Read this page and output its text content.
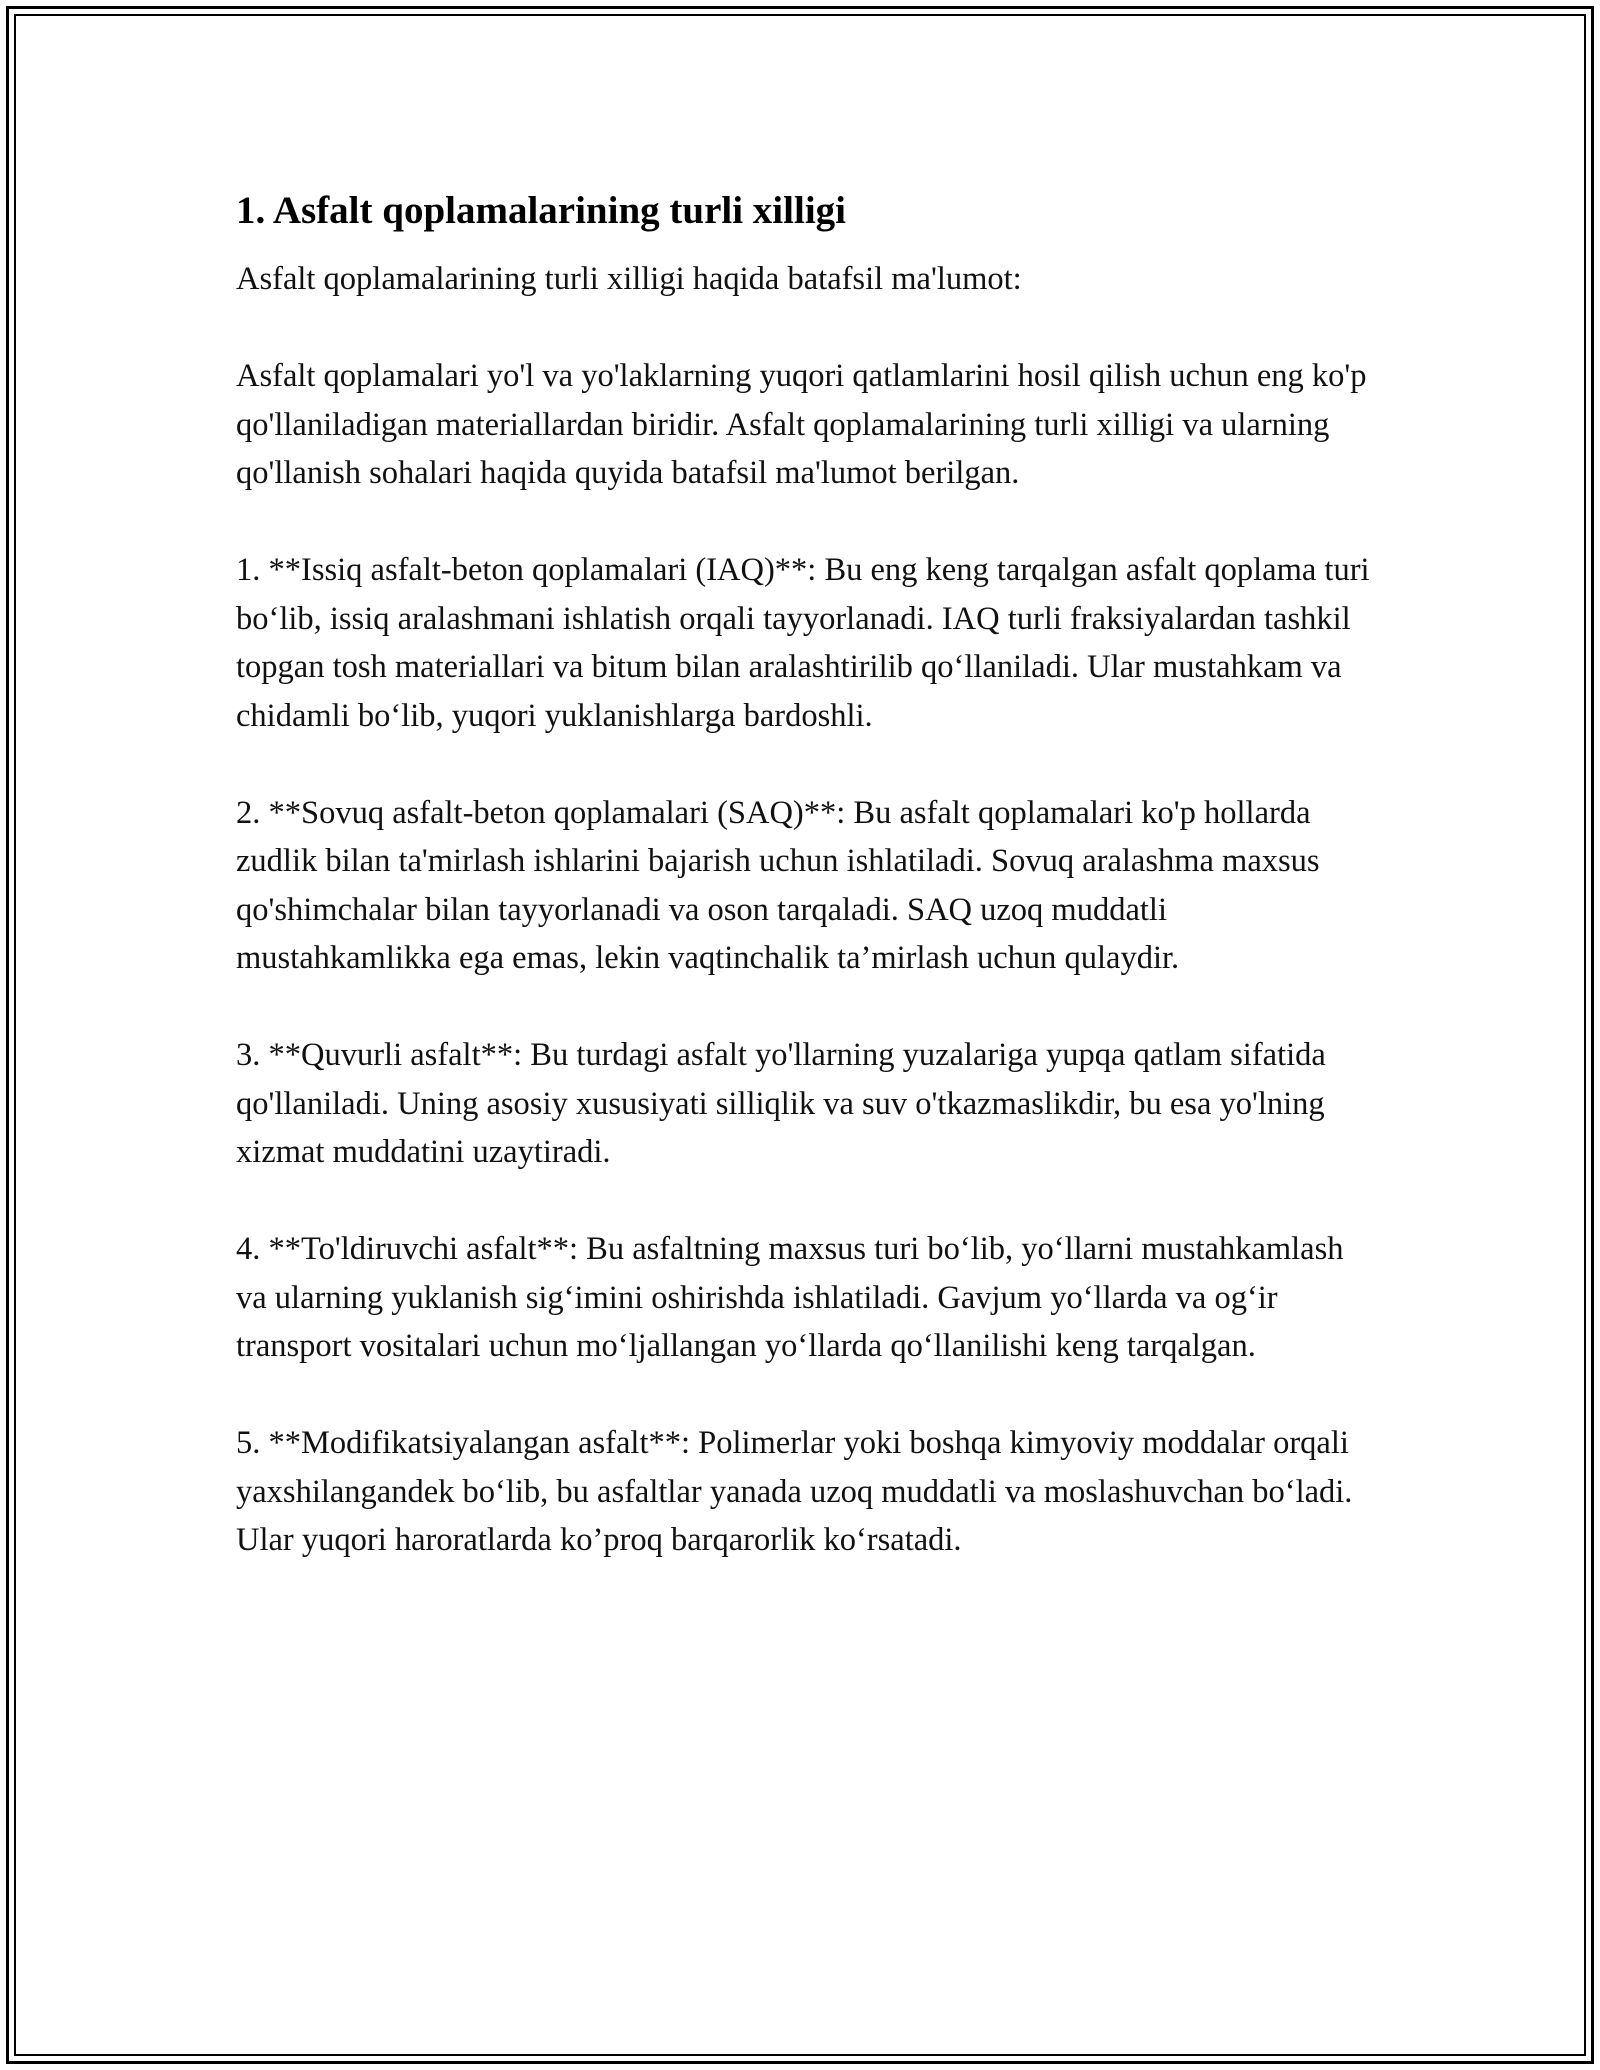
1. Asfalt qoplamalarining turli xilligi

Asfalt qoplamalarining turli xilligi haqida batafsil ma'lumot:

Asfalt qoplamalari yo'l va yo'laklarning yuqori qatlamlarini hosil qilish uchun eng ko'p qo'llaniladigan materiallardan biridir. Asfalt qoplamalarining turli xilligi va ularning qo'llanish sohalari haqida quyida batafsil ma'lumot berilgan.

1. **Issiq asfalt-beton qoplamalari (IAQ)**: Bu eng keng tarqalgan asfalt qoplama turi bo‘lib, issiq aralashmani ishlatish orqali tayyorlanadi. IAQ turli fraksiyalardan tashkil topgan tosh materiallari va bitum bilan aralashtirilib qo‘llaniladi. Ular mustahkam va chidamli bo‘lib, yuqori yuklanishlarga bardoshli.

2. **Sovuq asfalt-beton qoplamalari (SAQ)**: Bu asfalt qoplamalari ko'p hollarda zudlik bilan ta'mirlash ishlarini bajarish uchun ishlatiladi. Sovuq aralashma maxsus qo'shimchalar bilan tayyorlanadi va oson tarqaladi. SAQ uzoq muddatli mustahkamlikka ega emas, lekin vaqtinchalik ta’mirlash uchun qulaydir.

3. **Quvurli asfalt**: Bu turdagi asfalt yo'llarning yuzalariga yupqa qatlam sifatida qo'llaniladi. Uning asosiy xususiyati silliqlik va suv o'tkazmaslikdir, bu esa yo'lning xizmat muddatini uzaytiradi.

4. **To'ldiruvchi asfalt**: Bu asfaltning maxsus turi bo‘lib, yo‘llarni mustahkamlash va ularning yuklanish sig‘imini oshirishda ishlatiladi. Gavjum yo‘llarda va og‘ir transport vositalari uchun mo‘ljallangan yo‘llarda qo‘llanilishi keng tarqalgan.

5. **Modifikatsiyalangan asfalt**: Polimerlar yoki boshqa kimyoviy moddalar orqali yaxshilangandek bo‘lib, bu asfaltlar yanada uzoq muddatli va moslashuvchan bo‘ladi. Ular yuqori haroratlarda ko’proq barqarorlik ko‘rsatadi.
